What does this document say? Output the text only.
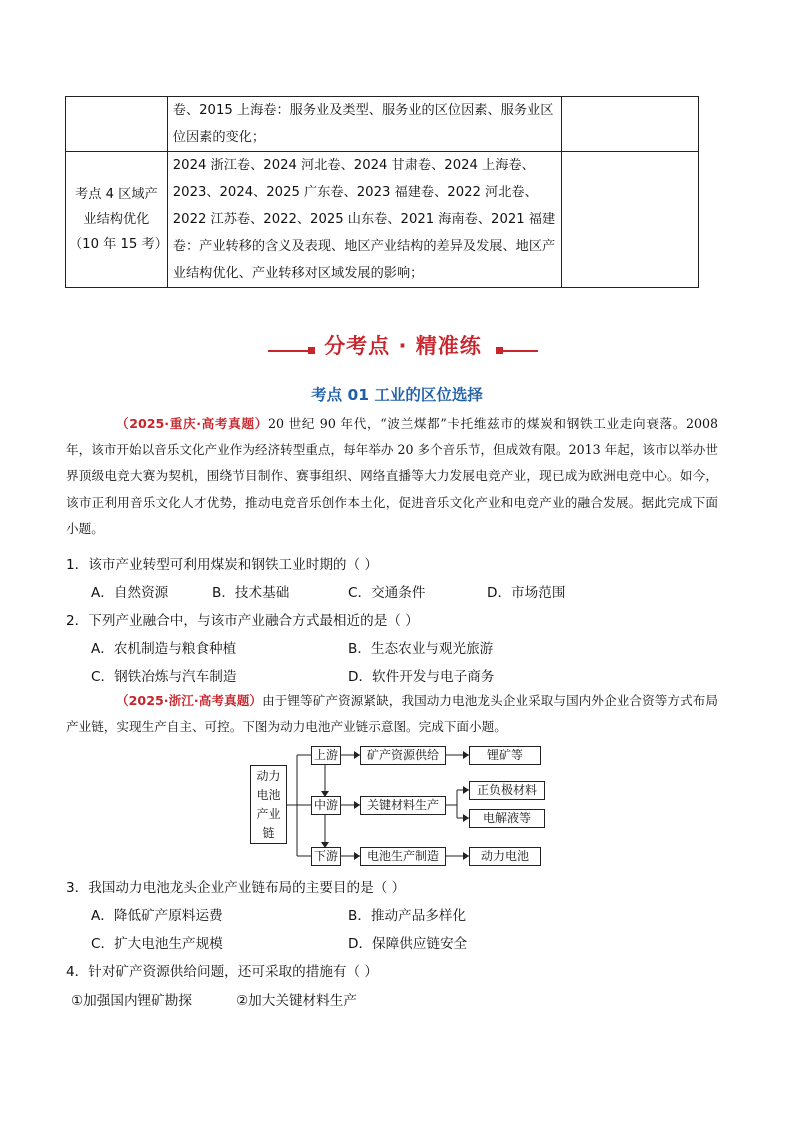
	卷、2015 上海卷：服务业及类型、服务业的区位因素、服务业区位因素的变化；	

考点 4 区域产
业结构优化
（10 年 15 考）	2024 浙江卷、2024 河北卷、2024 甘肃卷、2024 上海卷、2023、2024、2025 广东卷、2023 福建卷、2022 河北卷、2022 江苏卷、2022、2025 山东卷、2021 海南卷、2021 福建卷：产业转移的含义及表现、地区产业结构的差异及发展、地区产业结构优化、产业转移对区域发展的影响；	
分考点 · 精准练
考点 01 工业的区位选择
（2025·重庆·高考真题）20 世纪 90 年代，“波兰煤都”卡托维兹市的煤炭和钢铁工业走向衰落。2008 年，该市开始以音乐文化产业作为经济转型重点，每年举办 20 多个音乐节，但成效有限。2013 年起，该市以举办世界顶级电竞大赛为契机，围绕节目制作、赛事组织、网络直播等大力发展电竞产业，现已成为欧洲电竞中心。如今，该市正利用音乐文化人才优势，推动电竞音乐创作本土化，促进音乐文化产业和电竞产业的融合发展。据此完成下面小题。
1．该市产业转型可利用煤炭和钢铁工业时期的（ ）
A．自然资源	B．技术基础	C．交通条件	D．市场范围
2．下列产业融合中，与该市产业融合方式最相近的是（ ）
A．农机制造与粮食种植	B．生态农业与观光旅游
C．钢铁冶炼与汽车制造	D．软件开发与电子商务
（2025·浙江·高考真题）由于锂等矿产资源紧缺，我国动力电池龙头企业采取与国内外企业合资等方式布局产业链，实现生产自主、可控。下图为动力电池产业链示意图。完成下面小题。
动力电池产业链
上游
中游
下游
矿产资源供给
关键材料生产
电池生产制造
锂矿等
正负极材料
电解液等
动力电池
3．我国动力电池龙头企业产业链布局的主要目的是（ ）
A．降低矿产原料运费	B．推动产品多样化
C．扩大电池生产规模	D．保障供应链安全
4．针对矿产资源供给问题，还可采取的措施有（ ）
①加强国内锂矿勘探	②加大关键材料生产
